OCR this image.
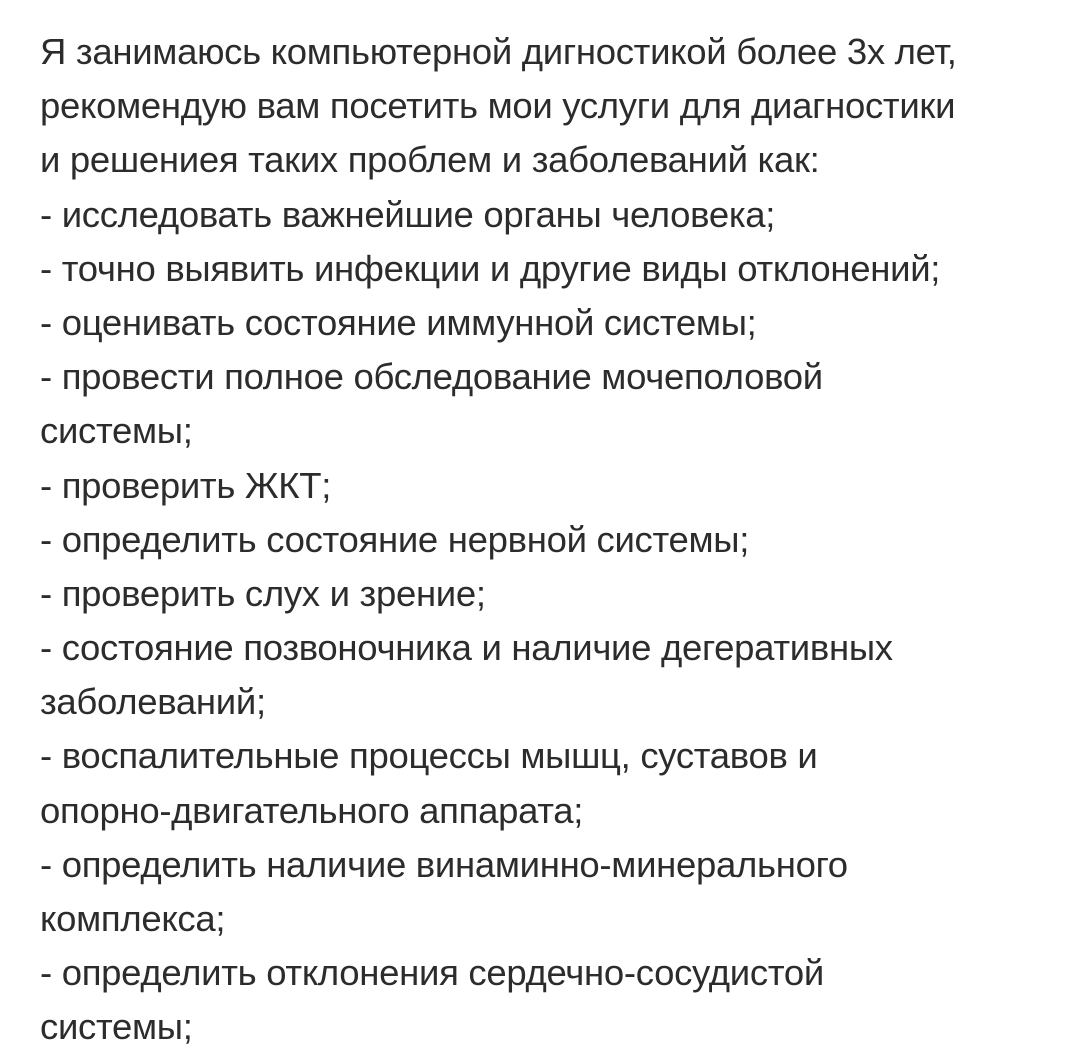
Я занимаюсь компьютерной дигностикой более 3х лет,
рекомендую вам посетить мои услуги для диагностики
и решениея таких проблем и заболеваний как:
- исследовать важнейшие органы человека;
- точно выявить инфекции и другие виды отклонений;
- оценивать состояние иммунной системы;
- провести полное обследование мочеполовой
системы;
- проверить ЖКТ;
- определить состояние нервной системы;
- проверить слух и зрение;
- состояние позвоночника и наличие дегеративных
заболеваний;
- воспалительные процессы мышц, суставов и
опорно-двигательного аппарата;
- определить наличие винаминно-минерального
комплекса;
- определить отклонения сердечно-сосудистой
системы;
